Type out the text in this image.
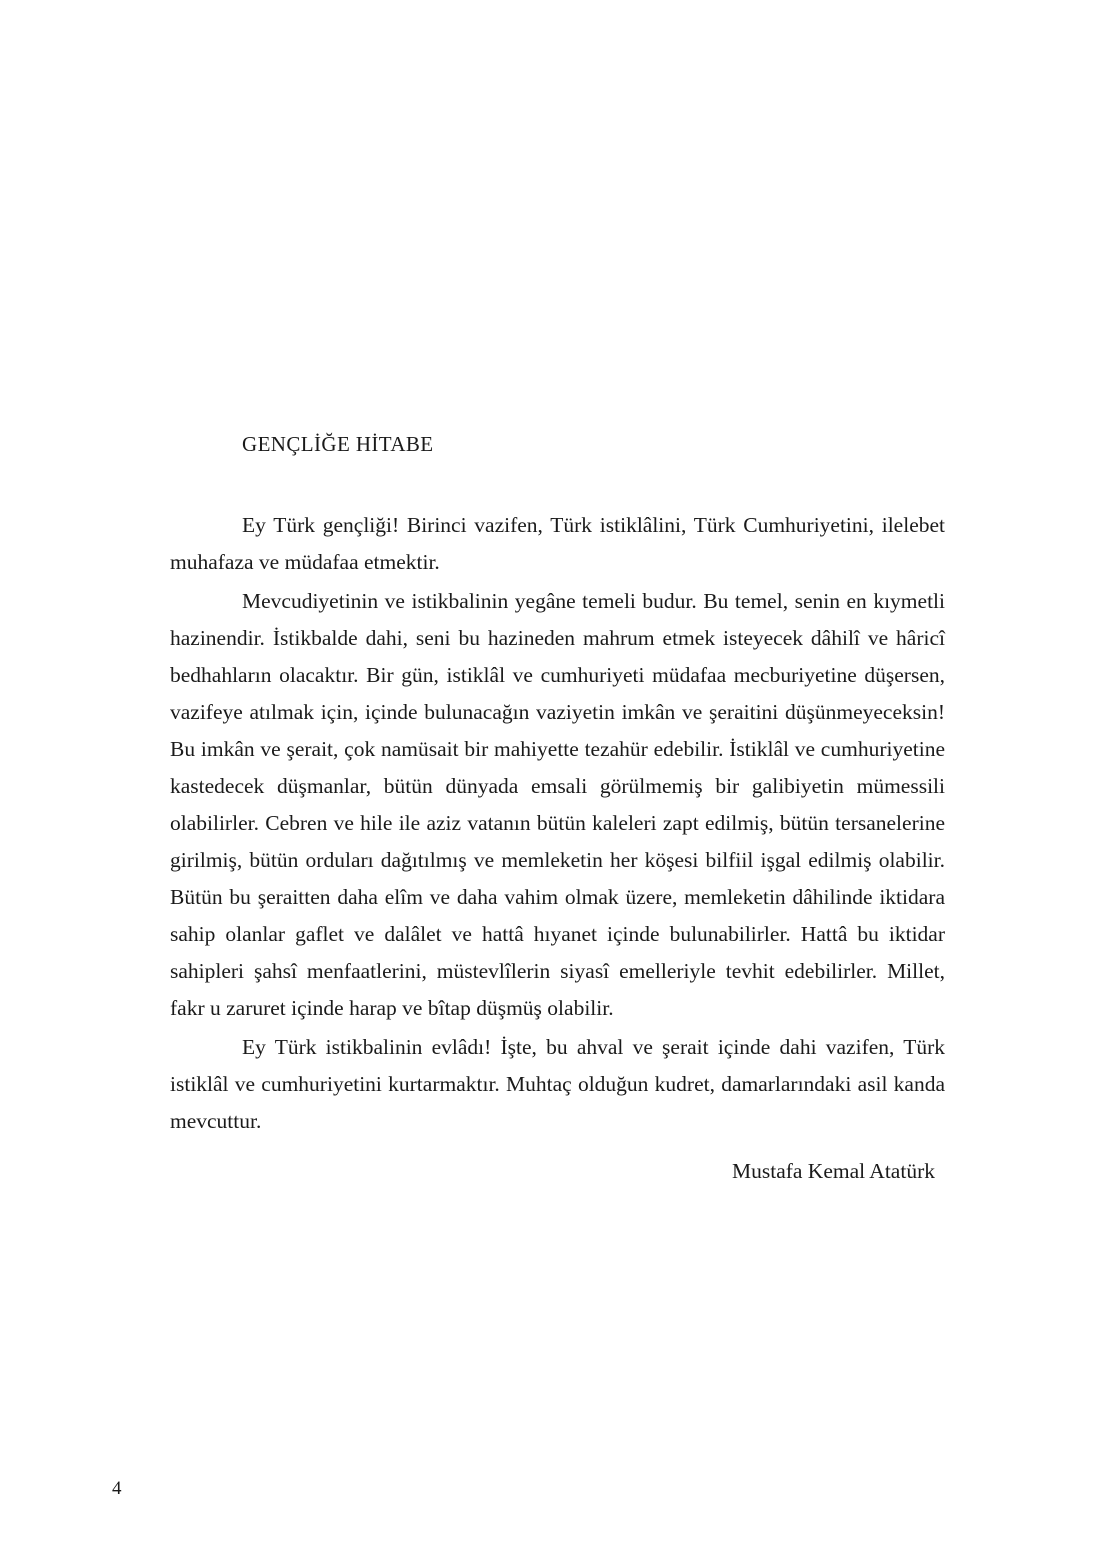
GENÇLİĞE HİTABE

Ey Türk gençliği! Birinci vazifen, Türk istiklâlini, Türk Cumhuriyetini, ilelebet muhafaza ve müdafaa etmektir.

Mevcudiyetinin ve istikbalinin yegâne temeli budur. Bu temel, senin en kıymetli hazinendir. İstikbalde dahi, seni bu hazineden mahrum etmek isteyecek dâhilî ve hâricî bedhahların olacaktır. Bir gün, istiklâl ve cumhuriyeti müdafaa mecburiyetine düşersen, vazifeye atılmak için, içinde bulunacağın vaziyetin imkân ve şeraitini düşünmeyeceksin! Bu imkân ve şerait, çok namüsait bir mahiyette tezahür edebilir. İstiklâl ve cumhuriyetine kastedecek düşmanlar, bütün dünyada emsali görülmemiş bir galibiyetin mümessili olabilirler. Cebren ve hile ile aziz vatanın bütün kaleleri zapt edilmiş, bütün tersanelerine girilmiş, bütün orduları dağıtılmış ve memleketin her köşesi bilfiil işgal edilmiş olabilir. Bütün bu şeraitten daha elîm ve daha vahim olmak üzere, memleketin dâhilinde iktidara sahip olanlar gaflet ve dalâlet ve hattâ hıyanet içinde bulunabilirler. Hattâ bu iktidar sahipleri şahsî menfaatlerini, müstevlîlerin siyasî emelleriyle tevhit edebilirler. Millet, fakr u zaruret içinde harap ve bîtap düşmüş olabilir.

Ey Türk istikbalinin evlâdı! İşte, bu ahval ve şerait içinde dahi vazifen, Türk istiklâl ve cumhuriyetini kurtarmaktır. Muhtaç olduğun kudret, damarlarındaki asil kanda mevcuttur.

Mustafa Kemal Atatürk
4
